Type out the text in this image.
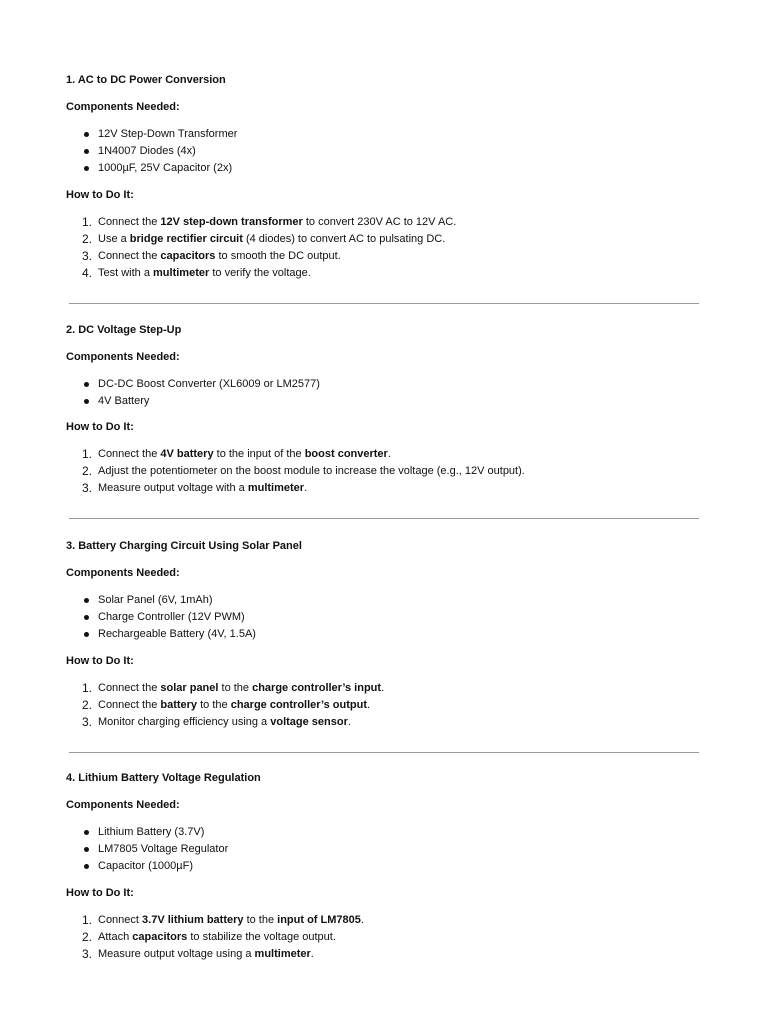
1. AC to DC Power Conversion

Components Needed:

12V Step-Down Transformer
1N4007 Diodes (4x)
1000µF, 25V Capacitor (2x)

How to Do It:

1. Connect the 12V step-down transformer to convert 230V AC to 12V AC.
2. Use a bridge rectifier circuit (4 diodes) to convert AC to pulsating DC.
3. Connect the capacitors to smooth the DC output.
4. Test with a multimeter to verify the voltage.

2. DC Voltage Step-Up

Components Needed:

DC-DC Boost Converter (XL6009 or LM2577)
4V Battery

How to Do It:

1. Connect the 4V battery to the input of the boost converter.
2. Adjust the potentiometer on the boost module to increase the voltage (e.g., 12V output).
3. Measure output voltage with a multimeter.

3. Battery Charging Circuit Using Solar Panel

Components Needed:

Solar Panel (6V, 1mAh)
Charge Controller (12V PWM)
Rechargeable Battery (4V, 1.5A)

How to Do It:

1. Connect the solar panel to the charge controller’s input.
2. Connect the battery to the charge controller’s output.
3. Monitor charging efficiency using a voltage sensor.

4. Lithium Battery Voltage Regulation

Components Needed:

Lithium Battery (3.7V)
LM7805 Voltage Regulator
Capacitor (1000µF)

How to Do It:

1. Connect 3.7V lithium battery to the input of LM7805.
2. Attach capacitors to stabilize the voltage output.
3. Measure output voltage using a multimeter.
